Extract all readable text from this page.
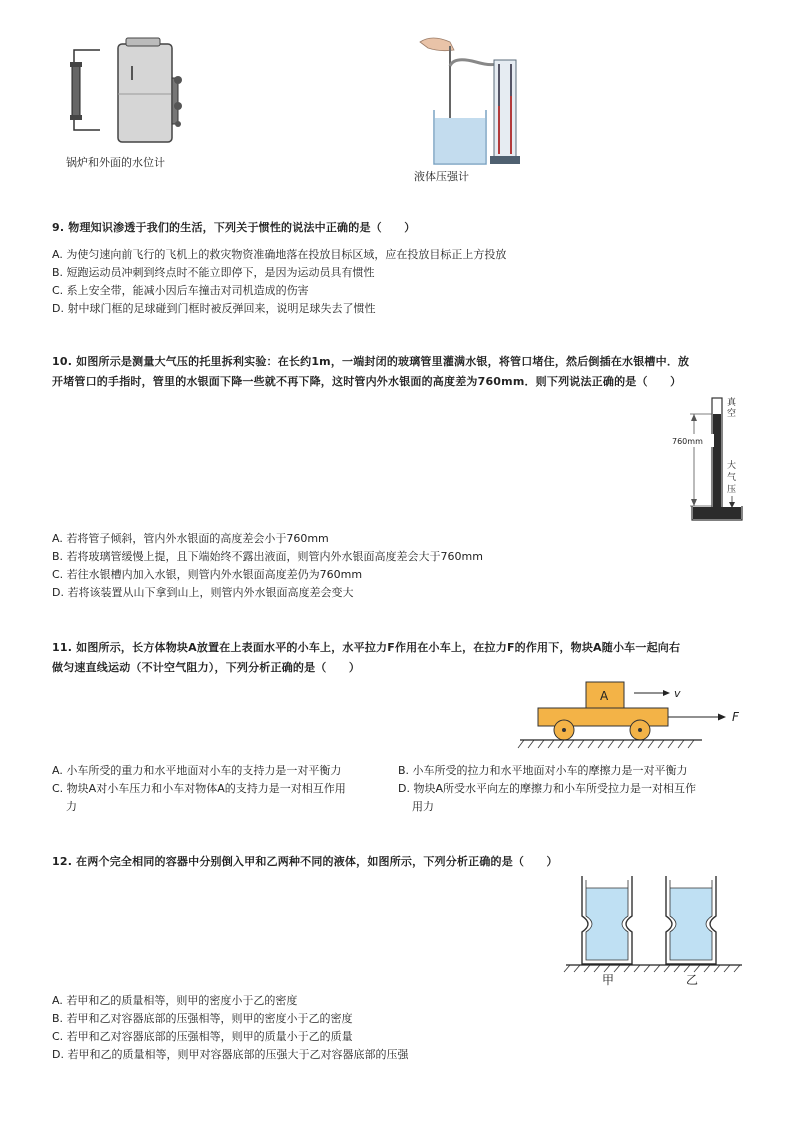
锅炉和外面的水位计
液体压强计
9. 物理知识渗透于我们的生活，下列关于惯性的说法中正确的是（　　）
A. 为使匀速向前飞行的飞机上的救灾物资准确地落在投放目标区域，应在投放目标正上方投放
B. 短跑运动员冲刺到终点时不能立即停下，是因为运动员具有惯性
C. 系上安全带，能减小因后车撞击对司机造成的伤害
D. 射中球门框的足球碰到门框时被反弹回来，说明足球失去了惯性
10. 如图所示是测量大气压的托里拆利实验：在长约1m，一端封闭的玻璃管里灌满水银，将管口堵住，然后倒插在水银槽中．放
开堵管口的手指时，管里的水银面下降一些就不再下降，这时管内外水银面的高度差为760mm．则下列说法正确的是（　　）
760mm
真
空
大
气
压
A. 若将管子倾斜，管内外水银面的高度差会小于760mm
B. 若将玻璃管缓慢上提，且下端始终不露出液面，则管内外水银面高度差会大于760mm
C. 若往水银槽内加入水银，则管内外水银面高度差仍为760mm
D. 若将该装置从山下拿到山上，则管内外水银面高度差会变大
11. 如图所示，长方体物块A放置在上表面水平的小车上，水平拉力F作用在小车上，在拉力F的作用下，物块A随小车一起向右
做匀速直线运动（不计空气阻力），下列分析正确的是（　　）
A	v
F
A. 小车所受的重力和水平地面对小车的支持力是一对平衡力	B. 小车所受的拉力和水平地面对小车的摩擦力是一对平衡力
C. 物块A对小车压力和小车对物体A的支持力是一对相互作用
力
D. 物块A所受水平向左的摩擦力和小车所受拉力是一对相互作
用力
12. 在两个完全相同的容器中分别倒入甲和乙两种不同的液体，如图所示，下列分析正确的是（　　）
甲	乙
A. 若甲和乙的质量相等，则甲的密度小于乙的密度
B. 若甲和乙对容器底部的压强相等，则甲的密度小于乙的密度
C. 若甲和乙对容器底部的压强相等，则甲的质量小于乙的质量
D. 若甲和乙的质量相等，则甲对容器底部的压强大于乙对容器底部的压强
